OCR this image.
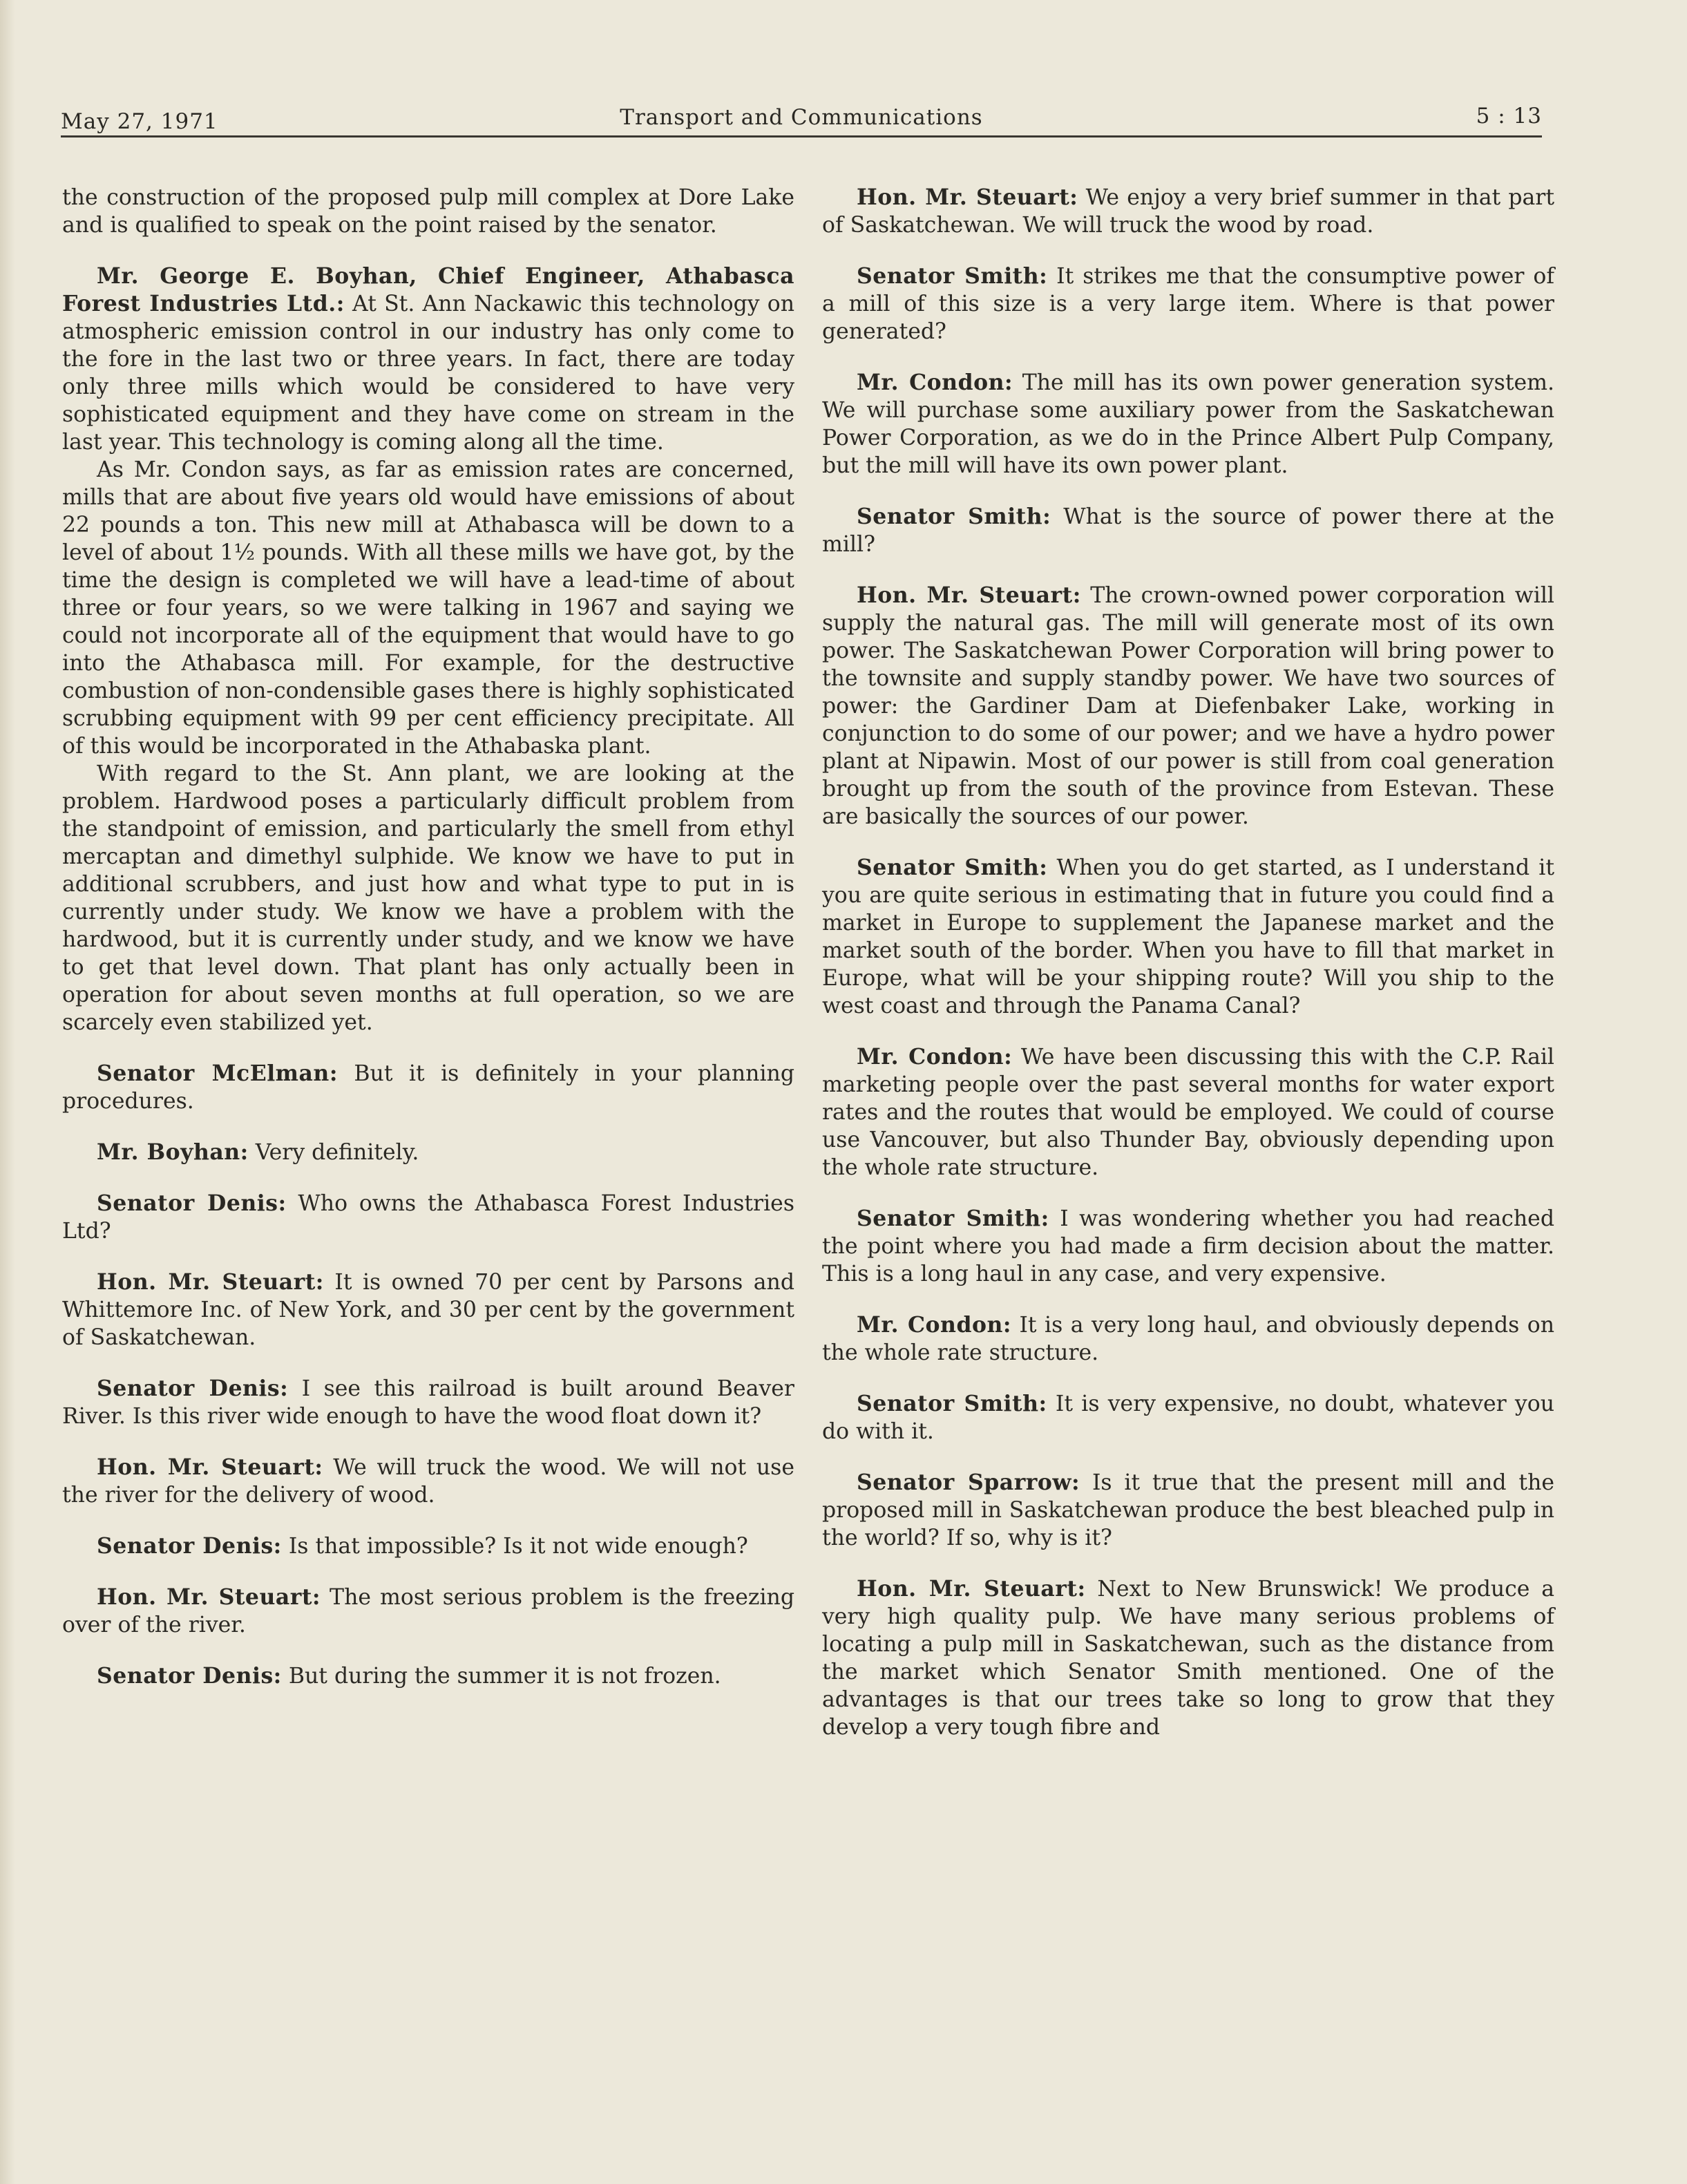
May 27, 1971	Transport and Communications	5 : 13

the construction of the proposed pulp mill complex at Dore Lake and is qualified to speak on the point raised by the senator.

Mr. George E. Boyhan, Chief Engineer, Athabasca Forest Industries Ltd.: At St. Ann Nackawic this technology on atmospheric emission control in our industry has only come to the fore in the last two or three years. In fact, there are today only three mills which would be considered to have very sophisticated equipment and they have come on stream in the last year. This technology is coming along all the time.

As Mr. Condon says, as far as emission rates are concerned, mills that are about five years old would have emissions of about 22 pounds a ton. This new mill at Athabasca will be down to a level of about 1½ pounds. With all these mills we have got, by the time the design is completed we will have a lead-time of about three or four years, so we were talking in 1967 and saying we could not incorporate all of the equipment that would have to go into the Athabasca mill. For example, for the destructive combustion of non-condensible gases there is highly sophisticated scrubbing equipment with 99 per cent efficiency precipitate. All of this would be incorporated in the Athabaska plant.

With regard to the St. Ann plant, we are looking at the problem. Hardwood poses a particularly difficult problem from the standpoint of emission, and particularly the smell from ethyl mercaptan and dimethyl sulphide. We know we have to put in additional scrubbers, and just how and what type to put in is currently under study. We know we have a problem with the hardwood, but it is currently under study, and we know we have to get that level down. That plant has only actually been in operation for about seven months at full operation, so we are scarcely even stabilized yet.

Senator McElman: But it is definitely in your planning procedures.

Mr. Boyhan: Very definitely.

Senator Denis: Who owns the Athabasca Forest Industries Ltd?

Hon. Mr. Steuart: It is owned 70 per cent by Parsons and Whittemore Inc. of New York, and 30 per cent by the government of Saskatchewan.

Senator Denis: I see this railroad is built around Beaver River. Is this river wide enough to have the wood float down it?

Hon. Mr. Steuart: We will truck the wood. We will not use the river for the delivery of wood.

Senator Denis: Is that impossible? Is it not wide enough?

Hon. Mr. Steuart: The most serious problem is the freezing over of the river.

Senator Denis: But during the summer it is not frozen.

Hon. Mr. Steuart: We enjoy a very brief summer in that part of Saskatchewan. We will truck the wood by road.

Senator Smith: It strikes me that the consumptive power of a mill of this size is a very large item. Where is that power generated?

Mr. Condon: The mill has its own power generation system. We will purchase some auxiliary power from the Saskatchewan Power Corporation, as we do in the Prince Albert Pulp Company, but the mill will have its own power plant.

Senator Smith: What is the source of power there at the mill?

Hon. Mr. Steuart: The crown-owned power corporation will supply the natural gas. The mill will generate most of its own power. The Saskatchewan Power Corporation will bring power to the townsite and supply standby power. We have two sources of power: the Gardiner Dam at Diefenbaker Lake, working in conjunction to do some of our power; and we have a hydro power plant at Nipawin. Most of our power is still from coal generation brought up from the south of the province from Estevan. These are basically the sources of our power.

Senator Smith: When you do get started, as I understand it you are quite serious in estimating that in future you could find a market in Europe to supplement the Japanese market and the market south of the border. When you have to fill that market in Europe, what will be your shipping route? Will you ship to the west coast and through the Panama Canal?

Mr. Condon: We have been discussing this with the C.P. Rail marketing people over the past several months for water export rates and the routes that would be employed. We could of course use Vancouver, but also Thunder Bay, obviously depending upon the whole rate structure.

Senator Smith: I was wondering whether you had reached the point where you had made a firm decision about the matter. This is a long haul in any case, and very expensive.

Mr. Condon: It is a very long haul, and obviously depends on the whole rate structure.

Senator Smith: It is very expensive, no doubt, whatever you do with it.

Senator Sparrow: Is it true that the present mill and the proposed mill in Saskatchewan produce the best bleached pulp in the world? If so, why is it?

Hon. Mr. Steuart: Next to New Brunswick! We produce a very high quality pulp. We have many serious problems of locating a pulp mill in Saskatchewan, such as the distance from the market which Senator Smith mentioned. One of the advantages is that our trees take so long to grow that they develop a very tough fibre and
